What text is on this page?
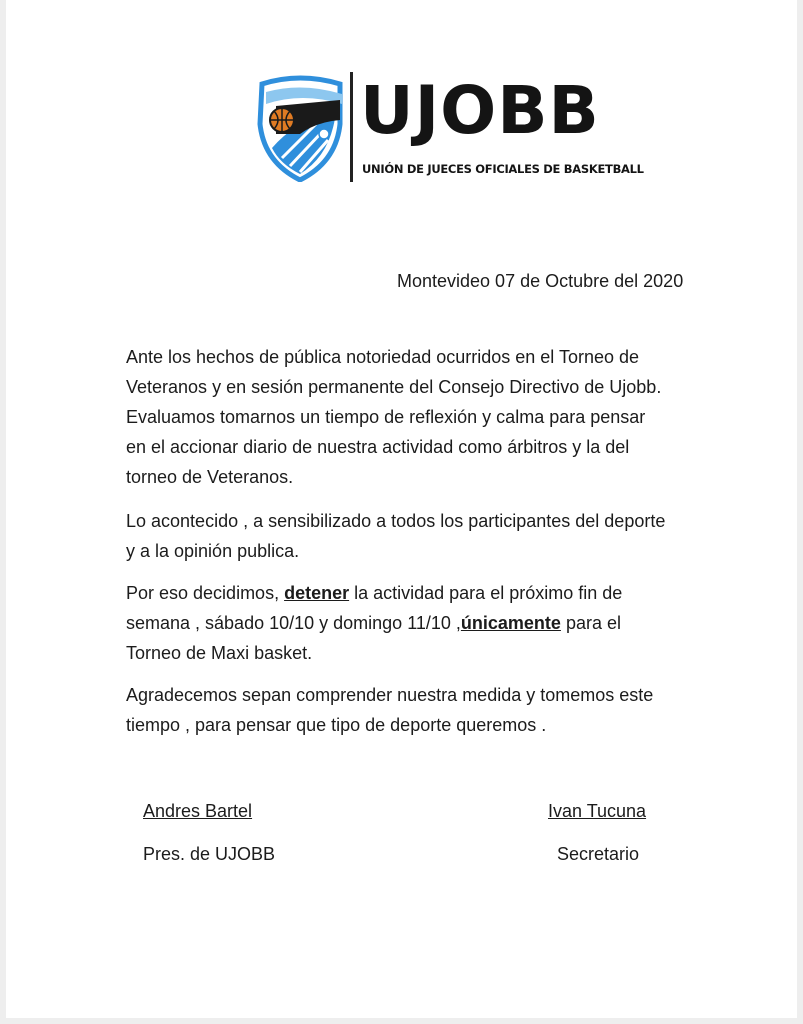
UJOBB
UNIÓN DE JUECES OFICIALES DE BASKETBALL
Montevideo 07 de Octubre del 2020

Ante los hechos de pública notoriedad ocurridos en el Torneo de
Veteranos y en sesión permanente del Consejo Directivo de Ujobb.
Evaluamos tomarnos un tiempo de reflexión y calma para pensar
en el accionar diario de nuestra actividad como árbitros y la del
torneo de Veteranos.

Lo acontecido , a sensibilizado a todos los participantes del deporte
y a la opinión publica.

Por eso decidimos, detener la actividad para el próximo fin de
semana , sábado 10/10 y domingo 11/10 ,únicamente para el
Torneo de Maxi basket.

Agradecemos sepan comprender nuestra medida y tomemos este
tiempo , para pensar que tipo de deporte queremos .

Andres Bartel
Pres. de UJOBB
Ivan Tucuna
Secretario
